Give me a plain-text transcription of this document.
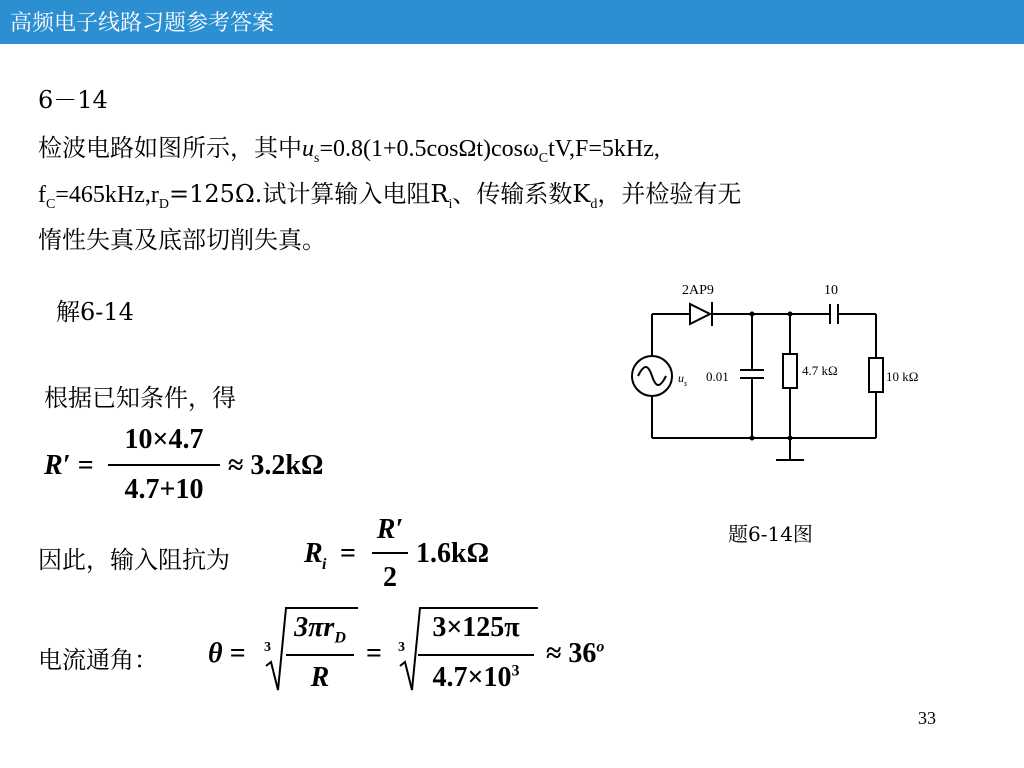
高频电子线路习题参考答案
6－14
检波电路如图所示，其中$u_s=0.8(1+0.5\cos\Omega t)\cos\omega_CtV,F=5kHz$,
$f_C=465kHz,r_D=125\Omega$.试计算输入电阻$R_i$、传输系数$K_d$，并检验有无
惰性失真及底部切削失真。
解6-14
根据已知条件，得
R′ =
10×4.7
4.7+10
≈ 3.2kΩ
因此，输入阻抗为	R i =
R′
2
1.6kΩ
电流通角： θ = 3
$3\pi r_D$
R
= 3
3×125π
$4.7\times 10^3$
≈ $36^o$
2AP9	10
$u_s$ 0.01	4.7 kΩ	10 kΩ
题6-14图
33
